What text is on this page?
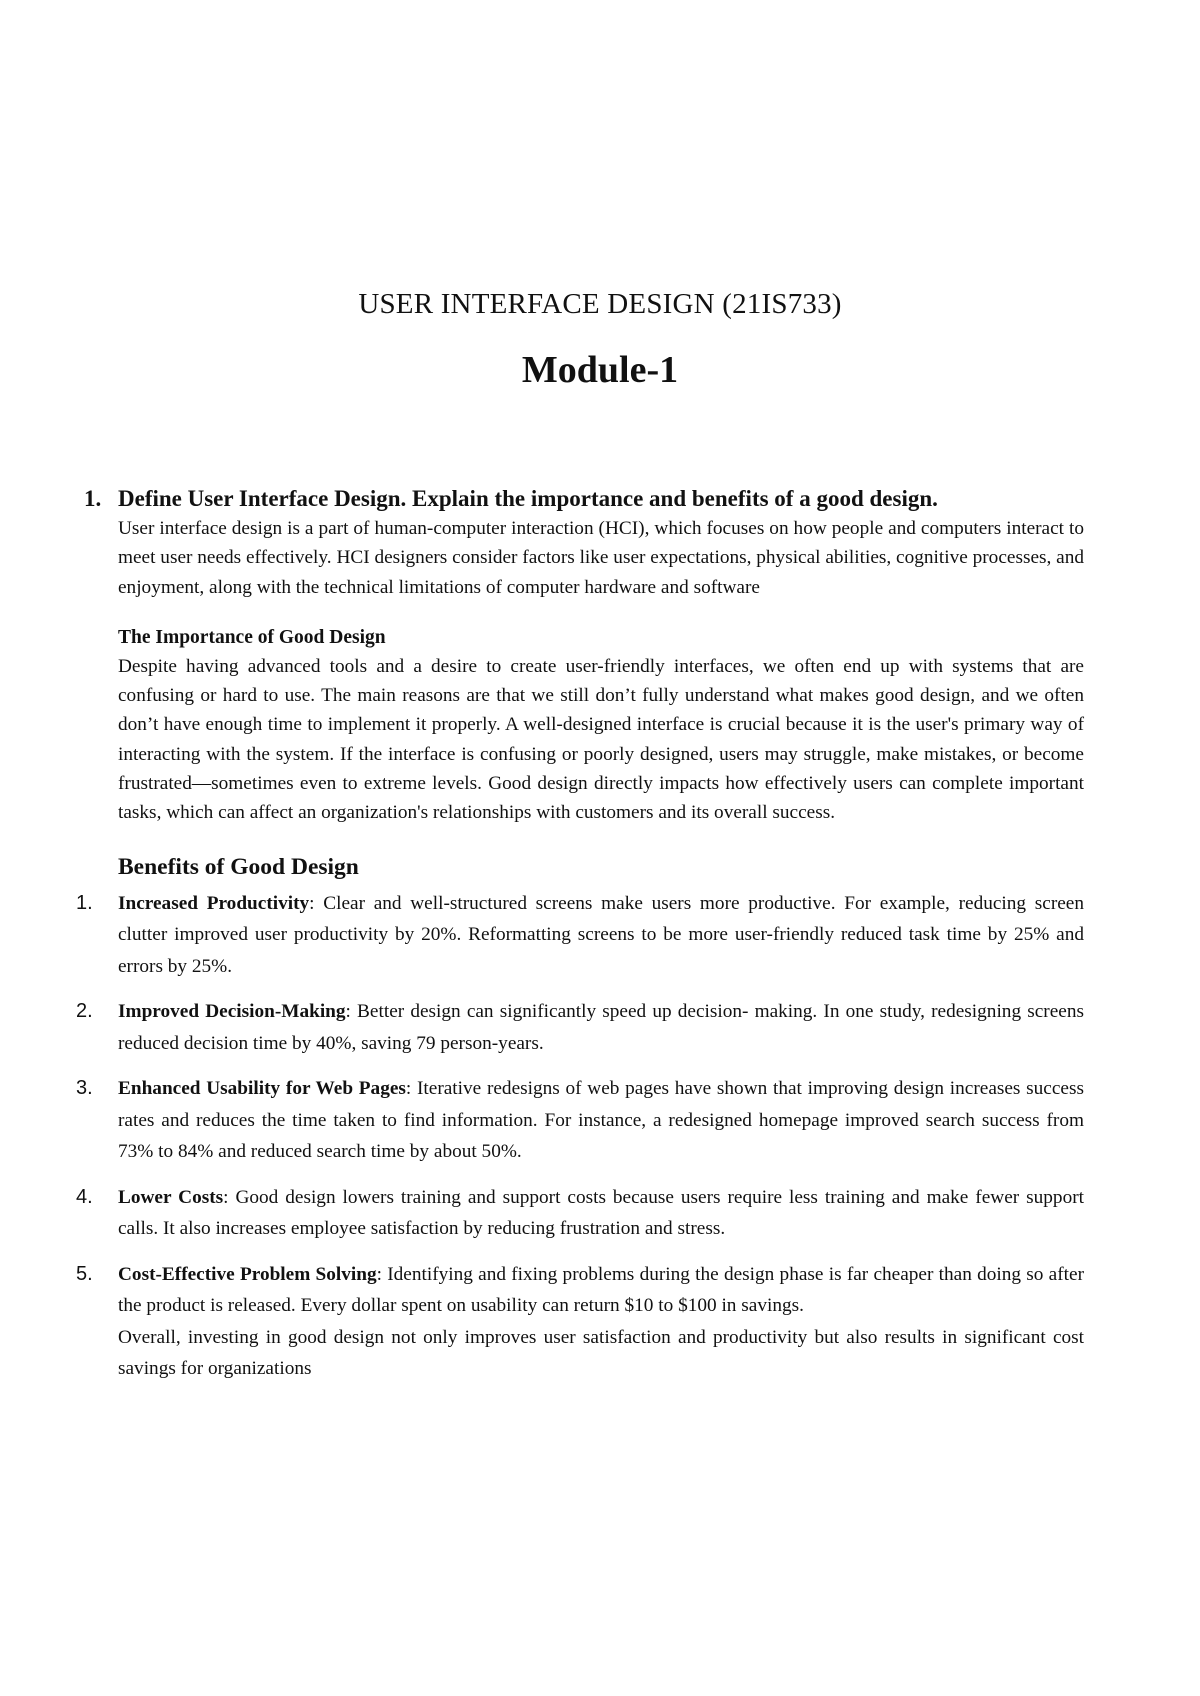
USER INTERFACE DESIGN (21IS733)
Module-1
1. Define User Interface Design. Explain the importance and benefits of a good design.

User interface design is a part of human-computer interaction (HCI), which focuses on how people and computers interact to meet user needs effectively. HCI designers consider factors like user expectations, physical abilities, cognitive processes, and enjoyment, along with the technical limitations of computer hardware and software

The Importance of Good Design

Despite having advanced tools and a desire to create user-friendly interfaces, we often end up with systems that are confusing or hard to use. The main reasons are that we still don’t fully understand what makes good design, and we often don’t have enough time to implement it properly. A well-designed interface is crucial because it is the user's primary way of interacting with the system. If the interface is confusing or poorly designed, users may struggle, make mistakes, or become frustrated—sometimes even to extreme levels. Good design directly impacts how effectively users can complete important tasks, which can affect an organization's relationships with customers and its overall success.

Benefits of Good Design
1. Increased Productivity: Clear and well-structured screens make users more productive. For example, reducing screen clutter improved user productivity by 20%. Reformatting screens to be more user-friendly reduced task time by 25% and errors by 25%.
2. Improved Decision-Making: Better design can significantly speed up decision- making. In one study, redesigning screens reduced decision time by 40%, saving 79 person-years.
3. Enhanced Usability for Web Pages: Iterative redesigns of web pages have shown that improving design increases success rates and reduces the time taken to find information. For instance, a redesigned homepage improved search success from 73% to 84% and reduced search time by about 50%.
4. Lower Costs: Good design lowers training and support costs because users require less training and make fewer support calls. It also increases employee satisfaction by reducing frustration and stress.
5. Cost-Effective Problem Solving: Identifying and fixing problems during the design phase is far cheaper than doing so after the product is released. Every dollar spent on usability can return $10 to $100 in savings.

Overall, investing in good design not only improves user satisfaction and productivity but also results in significant cost savings for organizations
